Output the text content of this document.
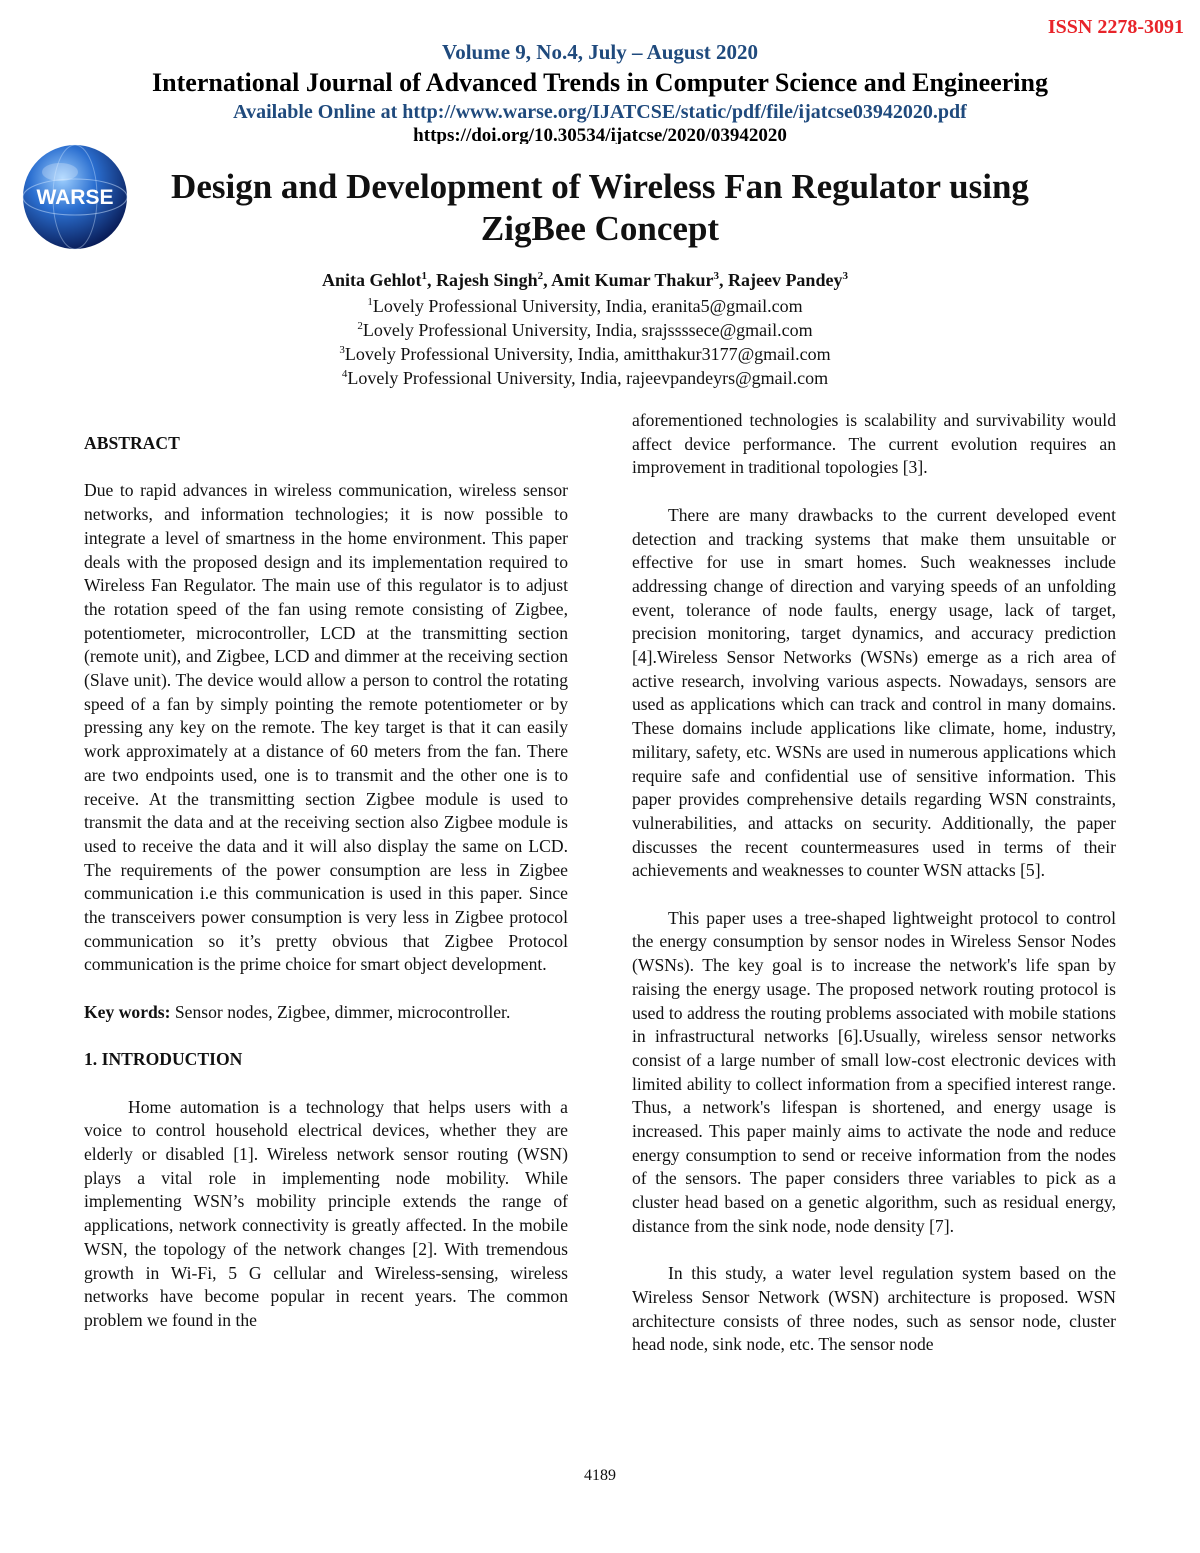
ISSN 2278-3091
Volume 9, No.4, July – August 2020
International Journal of Advanced Trends in Computer Science and Engineering
Available Online at http://www.warse.org/IJATCSE/static/pdf/file/ijatcse03942020.pdf
https://doi.org/10.30534/ijatcse/2020/03942020
WARSE	Design and Development of Wireless Fan Regulator using ZigBee Concept
Anita Gehlot$^1$, Rajesh Singh$^2$, Amit Kumar Thakur$^3$, Rajeev Pandey$^3$
$^1$Lovely Professional University, India, eranita5@gmail.com
$^2$Lovely Professional University, India, srajssssece@gmail.com
$^3$Lovely Professional University, India, amitthakur3177@gmail.com
$^4$Lovely Professional University, India, rajeevpandeyrs@gmail.com

ABSTRACT

Due to rapid advances in wireless communication, wireless sensor networks, and information technologies; it is now possible to integrate a level of smartness in the home environment. This paper deals with the proposed design and its implementation required to Wireless Fan Regulator. The main use of this regulator is to adjust the rotation speed of the fan using remote consisting of Zigbee, potentiometer, microcontroller, LCD at the transmitting section (remote unit), and Zigbee, LCD and dimmer at the receiving section (Slave unit). The device would allow a person to control the rotating speed of a fan by simply pointing the remote potentiometer or by pressing any key on the remote. The key target is that it can easily work approximately at a distance of 60 meters from the fan. There are two endpoints used, one is to transmit and the other one is to receive. At the transmitting section Zigbee module is used to transmit the data and at the receiving section also Zigbee module is used to receive the data and it will also display the same on LCD. The requirements of the power consumption are less in Zigbee communication i.e this communication is used in this paper. Since the transceivers power consumption is very less in Zigbee protocol communication so it’s pretty obvious that Zigbee Protocol communication is the prime choice for smart object development.

Key words: Sensor nodes, Zigbee, dimmer, microcontroller.

1. INTRODUCTION

Home automation is a technology that helps users with a voice to control household electrical devices, whether they are elderly or disabled [1]. Wireless network sensor routing (WSN) plays a vital role in implementing node mobility. While implementing WSN’s mobility principle extends the range of applications, network connectivity is greatly affected. In the mobile WSN, the topology of the network changes [2]. With tremendous growth in Wi-Fi, 5 G cellular and Wireless-sensing, wireless networks have become popular in recent years. The common problem we found in the

aforementioned technologies is scalability and survivability would affect device performance. The current evolution requires an improvement in traditional topologies [3].

There are many drawbacks to the current developed event detection and tracking systems that make them unsuitable or effective for use in smart homes. Such weaknesses include addressing change of direction and varying speeds of an unfolding event, tolerance of node faults, energy usage, lack of target, precision monitoring, target dynamics, and accuracy prediction [4].Wireless Sensor Networks (WSNs) emerge as a rich area of active research, involving various aspects. Nowadays, sensors are used as applications which can track and control in many domains. These domains include applications like climate, home, industry, military, safety, etc. WSNs are used in numerous applications which require safe and confidential use of sensitive information. This paper provides comprehensive details regarding WSN constraints, vulnerabilities, and attacks on security. Additionally, the paper discusses the recent countermeasures used in terms of their achievements and weaknesses to counter WSN attacks [5].

This paper uses a tree-shaped lightweight protocol to control the energy consumption by sensor nodes in Wireless Sensor Nodes (WSNs). The key goal is to increase the network's life span by raising the energy usage. The proposed network routing protocol is used to address the routing problems associated with mobile stations in infrastructural networks [6].Usually, wireless sensor networks consist of a large number of small low-cost electronic devices with limited ability to collect information from a specified interest range. Thus, a network's lifespan is shortened, and energy usage is increased. This paper mainly aims to activate the node and reduce energy consumption to send or receive information from the nodes of the sensors. The paper considers three variables to pick as a cluster head based on a genetic algorithm, such as residual energy, distance from the sink node, node density [7].

In this study, a water level regulation system based on the Wireless Sensor Network (WSN) architecture is proposed. WSN architecture consists of three nodes, such as sensor node, cluster head node, sink node, etc. The sensor node

4189
